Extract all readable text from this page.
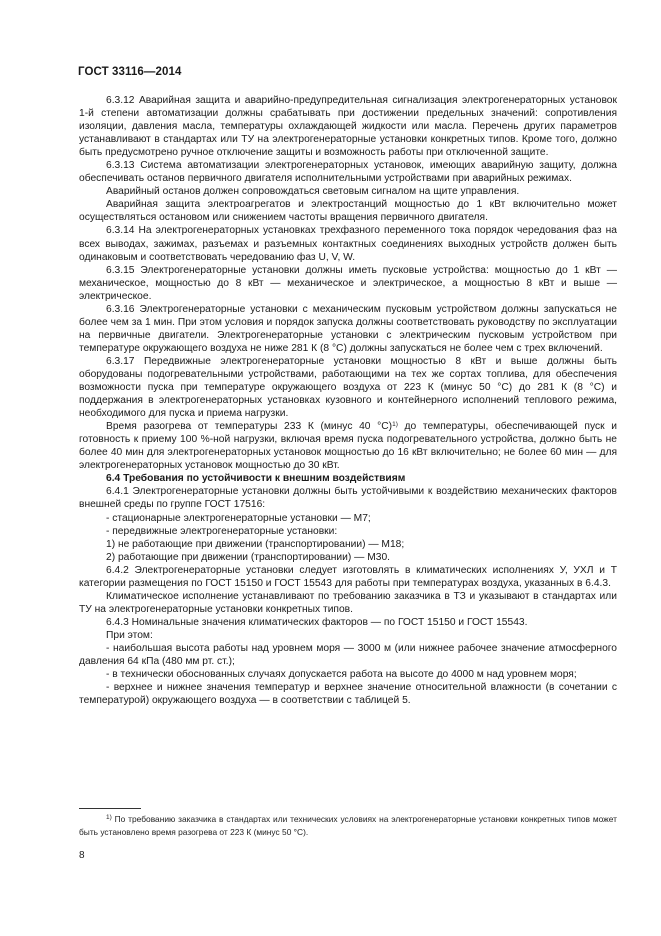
ГОСТ 33116—2014

6.3.12 Аварийная защита и аварийно-предупредительная сигнализация электрогенераторных установок 1-й степени автоматизации должны срабатывать при достижении предельных значений: сопротивления изоляции, давления масла, температуры охлаждающей жидкости или масла. Перечень других параметров устанавливают в стандартах или ТУ на электрогенераторные установки конкретных типов. Кроме того, должно быть предусмотрено ручное отключение защиты и возможность работы при отключенной защите.

6.3.13 Система автоматизации электрогенераторных установок, имеющих аварийную защиту, должна обеспечивать останов первичного двигателя исполнительными устройствами при аварийных режимах.

Аварийный останов должен сопровождаться световым сигналом на щите управления.

Аварийная защита электроагрегатов и электростанций мощностью до 1 кВт включительно может осуществляться остановом или снижением частоты вращения первичного двигателя.

6.3.14 На электрогенераторных установках трехфазного переменного тока порядок чередования фаз на всех выводах, зажимах, разъемах и разъемных контактных соединениях выходных устройств должен быть одинаковым и соответствовать чередованию фаз U, V, W.

6.3.15 Электрогенераторные установки должны иметь пусковые устройства: мощностью до 1 кВт — механическое, мощностью до 8 кВт — механическое и электрическое, а мощностью 8 кВт и выше — электрическое.

6.3.16 Электрогенераторные установки с механическим пусковым устройством должны запускаться не более чем за 1 мин. При этом условия и порядок запуска должны соответствовать руководству по эксплуатации на первичные двигатели. Электрогенераторные установки с электрическим пусковым устройством при температуре окружающего воздуха не ниже 281 К (8 °C) должны запускаться не более чем с трех включений.

6.3.17 Передвижные электрогенераторные установки мощностью 8 кВт и выше должны быть оборудованы подогревательными устройствами, работающими на тех же сортах топлива, для обеспечения возможности пуска при температуре окружающего воздуха от 223 К (минус 50 °C) до 281 К (8 °C) и поддержания в электрогенераторных установках кузовного и контейнерного исполнений теплового режима, необходимого для пуска и приема нагрузки.

Время разогрева от температуры 233 К (минус 40 °C)$^{1)}$ до температуры, обеспечивающей пуск и готовность к приему 100 %-ной нагрузки, включая время пуска подогревательного устройства, должно быть не более 40 мин для электрогенераторных установок мощностью до 16 кВт включительно; не более 60 мин — для электрогенераторных установок мощностью до 30 кВт.

6.4 Требования по устойчивости к внешним воздействиям

6.4.1 Электрогенераторные установки должны быть устойчивыми к воздействию механических факторов внешней среды по группе ГОСТ 17516:

- стационарные электрогенераторные установки — М7;

- передвижные электрогенераторные установки:

1) не работающие при движении (транспортировании) — М18;

2) работающие при движении (транспортировании) — М30.

6.4.2 Электрогенераторные установки следует изготовлять в климатических исполнениях У, УХЛ и Т категории размещения по ГОСТ 15150 и ГОСТ 15543 для работы при температурах воздуха, указанных в 6.4.3.

Климатическое исполнение устанавливают по требованию заказчика в ТЗ и указывают в стандартах или ТУ на электрогенераторные установки конкретных типов.

6.4.3 Номинальные значения климатических факторов — по ГОСТ 15150 и ГОСТ 15543.

При этом:

- наибольшая высота работы над уровнем моря — 3000 м (или нижнее рабочее значение атмосферного давления 64 кПа (480 мм рт. ст.);

- в технически обоснованных случаях допускается работа на высоте до 4000 м над уровнем моря;

- верхнее и нижнее значения температур и верхнее значение относительной влажности (в сочетании с температурой) окружающего воздуха — в соответствии с таблицей 5.

$^{1)}$ По требованию заказчика в стандартах или технических условиях на электрогенераторные установки конкретных типов может быть установлено время разогрева от 223 К (минус 50 °C).

8
